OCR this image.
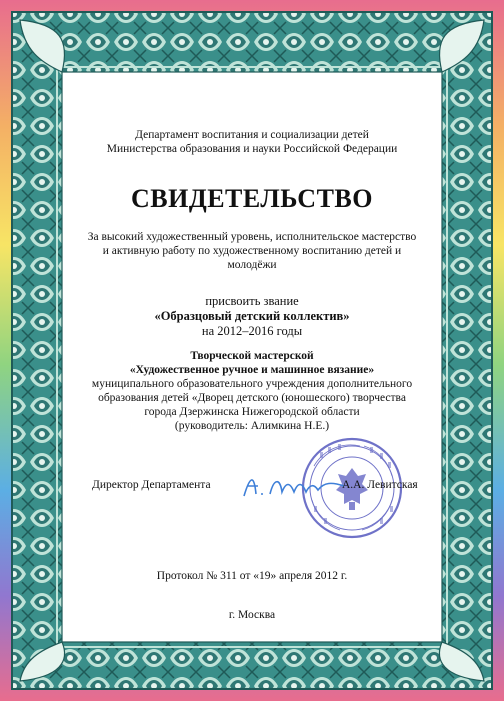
Департамент воспитания и социализации детей
Министерства образования и науки Российской Федерации
СВИДЕТЕЛЬСТВО
За высокий художественный уровень, исполнительское мастерство
и активную работу по художественному воспитанию детей и
молодёжи
присвоить звание
«Образцовый детский коллектив»
на 2012–2016 годы
Творческой мастерской
«Художественное ручное и машинное вязание»
муниципального образовательного учреждения дополнительного
образования детей «Дворец детского (юношеского) творчества
города Дзержинска Нижегородской области
(руководитель: Алимкина Н.Е.)
Директор Департамента	А.А. Левитская
Протокол № 311 от «19» апреля 2012 г.
г. Москва
